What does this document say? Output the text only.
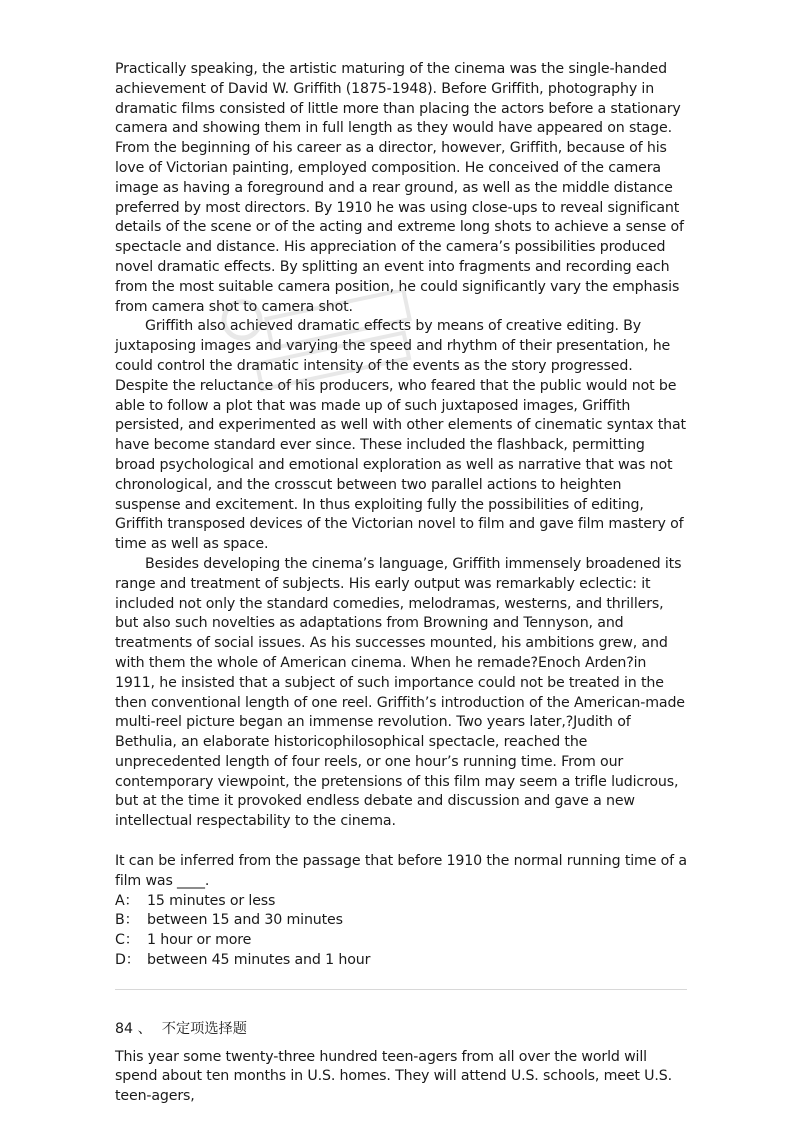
Practically speaking, the artistic maturing of the cinema was the single-handed achievement of David W. Griffith (1875-1948). Before Griffith, photography in dramatic films consisted of little more than placing the actors before a stationary camera and showing them in full length as they would have appeared on stage. From the beginning of his career as a director, however, Griffith, because of his love of Victorian painting, employed composition. He conceived of the camera image as having a foreground and a rear ground, as well as the middle distance preferred by most directors. By 1910 he was using close-ups to reveal significant details of the scene or of the acting and extreme long shots to achieve a sense of spectacle and distance. His appreciation of the camera’s possibilities produced novel dramatic effects. By splitting an event into fragments and recording each from the most suitable camera position, he could significantly vary the emphasis from camera shot to camera shot.

Griffith also achieved dramatic effects by means of creative editing. By juxtaposing images and varying the speed and rhythm of their presentation, he could control the dramatic intensity of the events as the story progressed. Despite the reluctance of his producers, who feared that the public would not be able to follow a plot that was made up of such juxtaposed images, Griffith persisted, and experimented as well with other elements of cinematic syntax that have become standard ever since. These included the flashback, permitting broad psychological and emotional exploration as well as narrative that was not chronological, and the crosscut between two parallel actions to heighten suspense and excitement. In thus exploiting fully the possibilities of editing, Griffith transposed devices of the Victorian novel to film and gave film mastery of time as well as space.

Besides developing the cinema’s language, Griffith immensely broadened its range and treatment of subjects. His early output was remarkably eclectic: it included not only the standard comedies, melodramas, westerns, and thrillers, but also such novelties as adaptations from Browning and Tennyson, and treatments of social issues. As his successes mounted, his ambitions grew, and with them the whole of American cinema. When he remade?Enoch Arden?in 1911, he insisted that a subject of such importance could not be treated in the then conventional length of one reel. Griffith’s introduction of the American-made multi-reel picture began an immense revolution. Two years later,?Judith of Bethulia, an elaborate historicophilosophical spectacle, reached the unprecedented length of four reels, or one hour’s running time. From our contemporary viewpoint, the pretensions of this film may seem a trifle ludicrous, but at the time it provoked endless debate and discussion and gave a new intellectual respectability to the cinema.

It can be inferred from the passage that before 1910 the normal running time of a film was ____.

A： 15 minutes or less

B： between 15 and 30 minutes

C： 1 hour or more

D： between 45 minutes and 1 hour

84 、 不定项选择题

This year some twenty-three hundred teen-agers from all over the world will spend about ten months in U.S. homes. They will attend U.S. schools, meet U.S. teen-agers,
